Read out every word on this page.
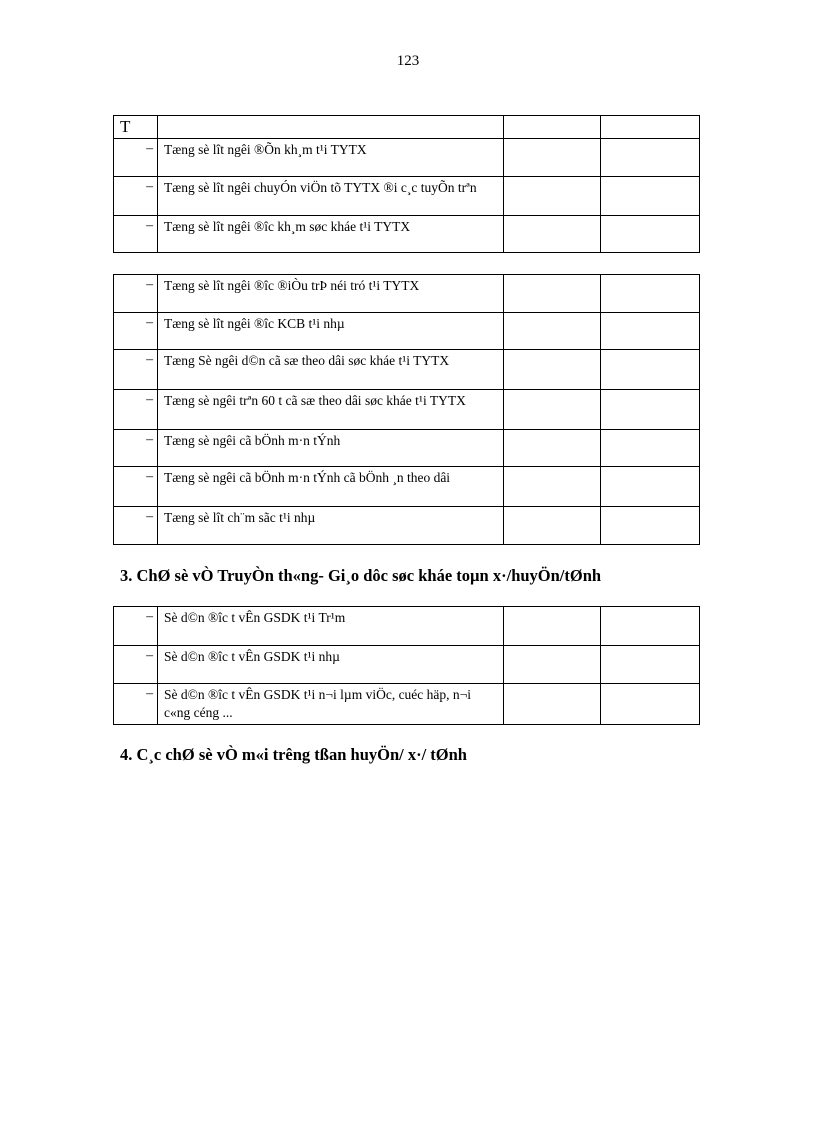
123
T			
–	Tæng sè lît ngêi ®Õn kh¸m t¹i TYTX		
–	Tæng sè lît ngêi chuyÓn viÖn tõ TYTX ®i c¸c tuyÕn trªn		
–	Tæng sè lît ngêi ®îc kh¸m søc kháe t¹i TYTX		
–	Tæng sè lît ngêi ®îc ®iÒu trÞ néi tró t¹i TYTX		
–	Tæng sè lît ngêi ®îc KCB t¹i nhµ		
–	Tæng Sè ngêi d©n cã sæ theo dâi søc kháe t¹i TYTX		
–	Tæng sè ngêi trªn 60 t cã sæ theo dâi søc kháe t¹i TYTX		
–	Tæng sè ngêi cã bÖnh m·n tÝnh		
–	Tæng sè ngêi cã bÖnh m·n tÝnh cã bÖnh ¸n theo dâi		
–	Tæng sè lît ch¨m sãc t¹i nhµ		
3. ChØ sè vÒ TruyÒn th«ng- Gi¸o dôc søc kháe toµn x·/huyÖn/tØnh
–	Sè d©n ®îc t vÊn GSDK t¹i Tr¹m		
–	Sè d©n ®îc t vÊn GSDK t¹i nhµ		
–	Sè d©n ®îc t vÊn GSDK t¹i n¬i lµm viÖc, cuéc häp, n¬i c«ng céng ...		
4. C¸c chØ sè vÒ m«i trêng tßan huyÖn/ x·/ tØnh
